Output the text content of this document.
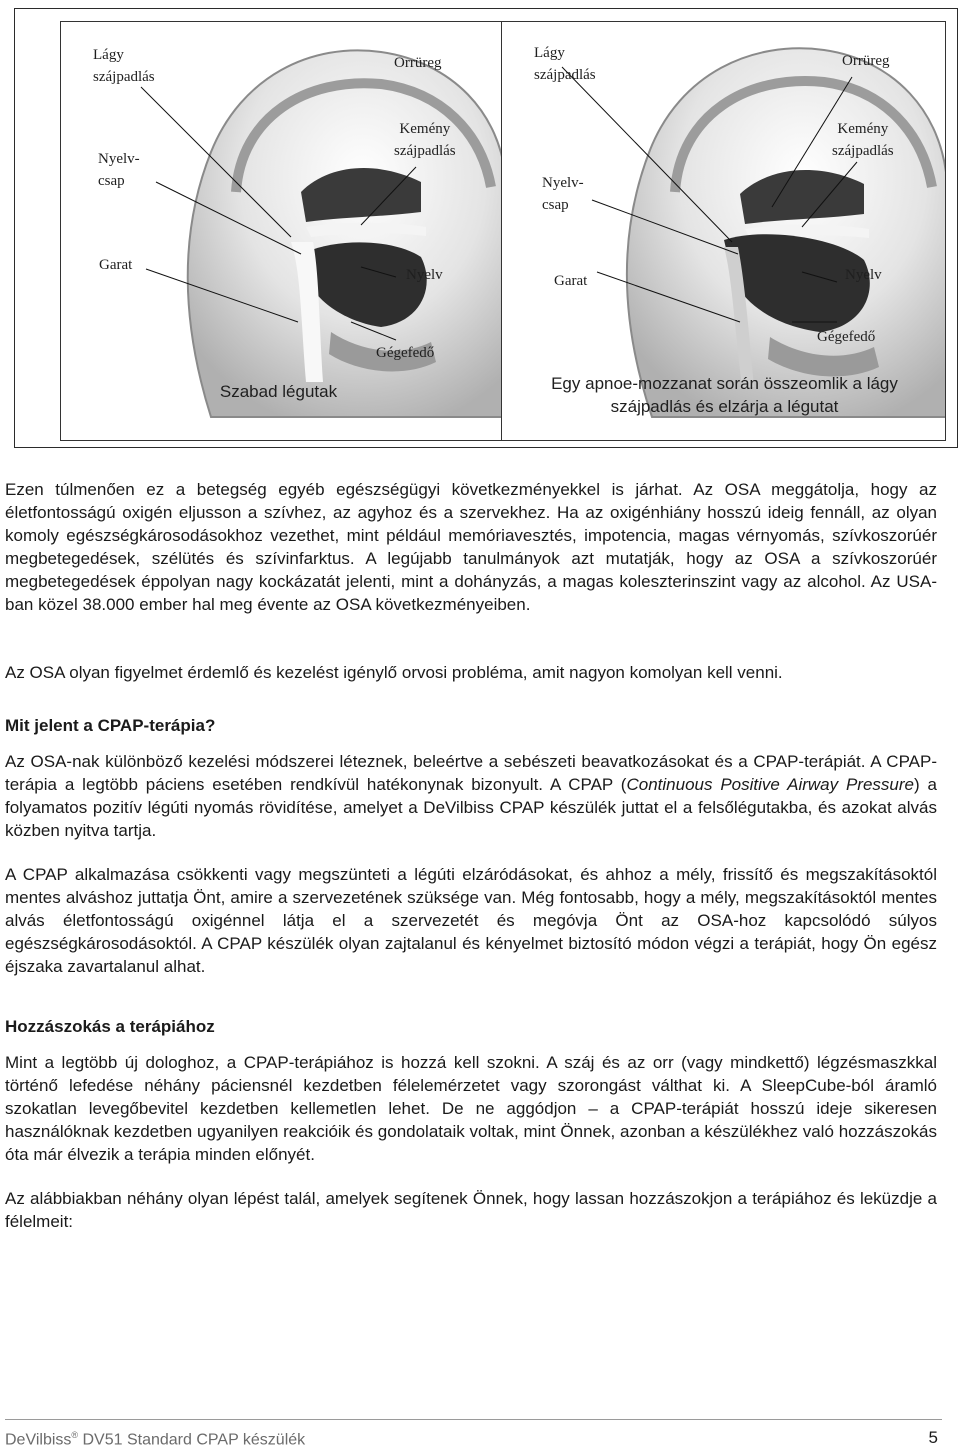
Lágy
szájpadlás
Orrüreg
Kemény
szájpadlás
Nyelv-
csap
Garat
Nyelv
Gégefedő
Szabad légutak
Lágy
szájpadlás
Orrüreg
Kemény
szájpadlás
Nyelv-
csap
Garat	Nyelv
Gégefedő
Egy apnoe-mozzanat során összeomlik a lágy szájpadlás és elzárja a légutat

Ezen túlmenően ez a betegség egyéb egészségügyi következményekkel is járhat. Az OSA meggátolja, hogy az életfontosságú oxigén eljusson a szívhez, az agyhoz és a szervekhez. Ha az oxigénhiány hosszú ideig fennáll, az olyan komoly egészségkárosodásokhoz vezethet, mint például memóriavesztés, impotencia, magas vérnyomás, szívkoszorúér megbetegedések, szélütés és szívinfarktus. A legújabb tanulmányok azt mutatják, hogy az OSA a szívkoszorúér megbetegedések éppolyan nagy kockázatát jelenti, mint a dohányzás, a magas koleszterinszint vagy az alcohol. Az USA-ban közel 38.000 ember hal meg évente az OSA következményeiben.

Az OSA olyan figyelmet érdemlő és kezelést igénylő orvosi probléma, amit nagyon komolyan kell venni.

Mit jelent a CPAP-terápia?

Az OSA-nak különböző kezelési módszerei léteznek, beleértve a sebészeti beavatkozásokat és a CPAP-terápiát. A CPAP-terápia a legtöbb páciens esetében rendkívül hatékonynak bizonyult. A CPAP (Continuous Positive Airway Pressure) a folyamatos pozitív légúti nyomás rövidítése, amelyet a DeVilbiss CPAP készülék juttat el a felsőlégutakba, és azokat alvás közben nyitva tartja.

A CPAP alkalmazása csökkenti vagy megszünteti a légúti elzáródásokat, és ahhoz a mély, frissítő és megszakításoktól mentes alváshoz juttatja Önt, amire a szervezetének szüksége van. Még fontosabb, hogy a mély, megszakításoktól mentes alvás életfontosságú oxigénnel látja el a szervezetét és megóvja Önt az OSA-hoz kapcsolódó súlyos egészségkárosodásoktól. A CPAP készülék olyan zajtalanul és kényelmet biztosító módon végzi a terápiát, hogy Ön egész éjszaka zavartalanul alhat.

Hozzászokás a terápiához

Mint a legtöbb új dologhoz, a CPAP-terápiához is hozzá kell szokni. A száj és az orr (vagy mindkettő) légzésmaszkkal történő lefedése néhány páciensnél kezdetben félelemérzetet vagy szorongást válthat ki. A SleepCube-ból áramló szokatlan levegőbevitel kezdetben kellemetlen lehet. De ne aggódjon – a CPAP-terápiát hosszú ideje sikeresen használóknak kezdetben ugyanilyen reakcióik és gondolataik voltak, mint Önnek, azonban a készülékhez való hozzászokás óta már élvezik a terápia minden előnyét.

Az alábbiakban néhány olyan lépést talál, amelyek segítenek Önnek, hogy lassan hozzászokjon a terápiához és leküzdje a félelmeit:

DeVilbiss® DV51 Standard CPAP készülék	5
